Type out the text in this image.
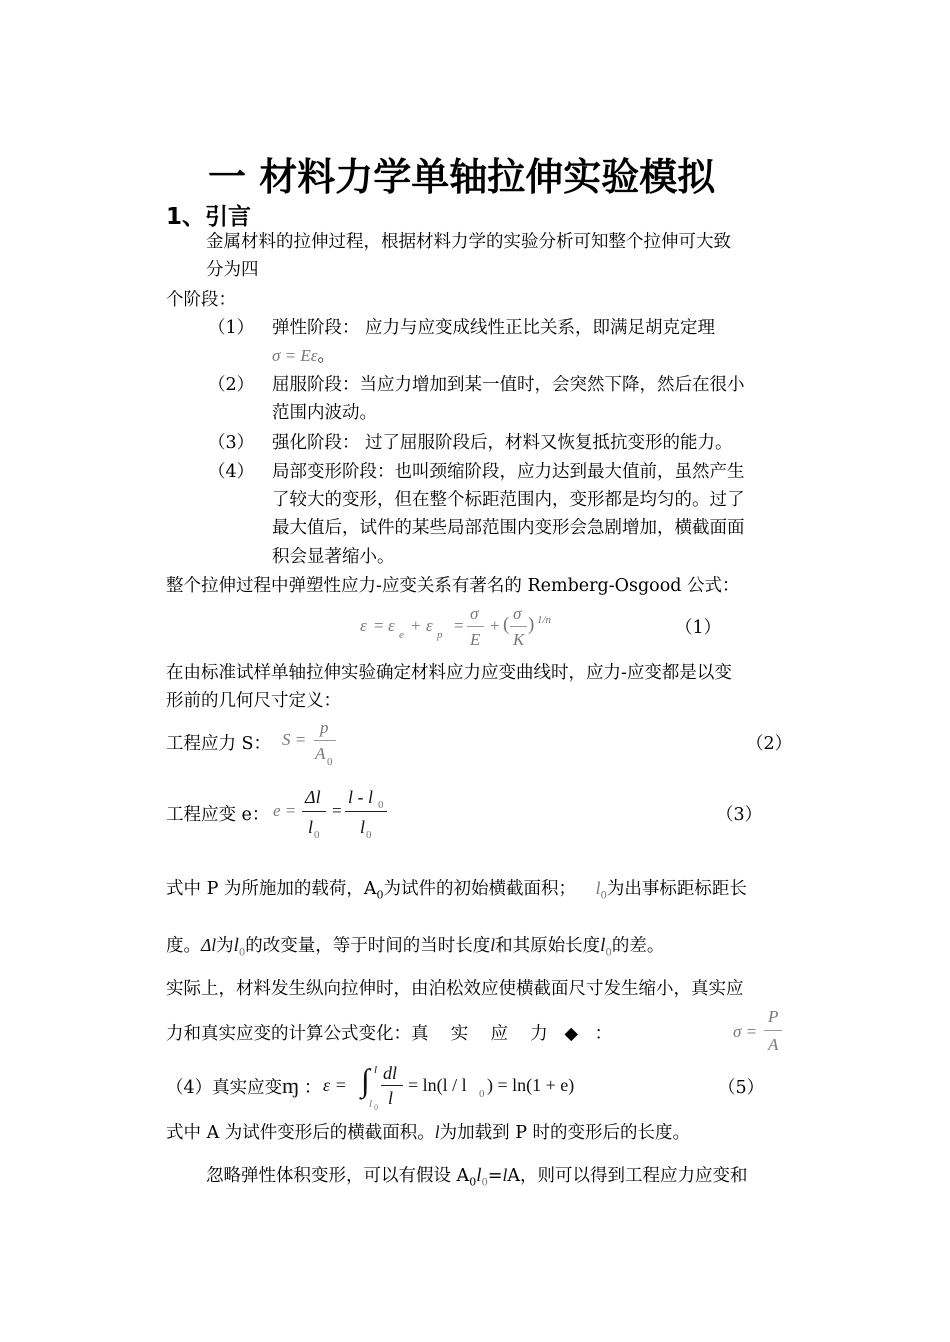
一 材料力学单轴拉伸实验模拟
1、引言
金属材料的拉伸过程，根据材料力学的实验分析可知整个拉伸可大致
分为四
个阶段：
（1） 弹性阶段： 应力与应变成线性正比关系，即满足胡克定理
σ = Eε。
（2） 屈服阶段：当应力增加到某一值时，会突然下降，然后在很小
范围内波动。
（3） 强化阶段： 过了屈服阶段后，材料又恢复抵抗变形的能力。
（4） 局部变形阶段：也叫颈缩阶段，应力达到最大值前，虽然产生
了较大的变形，但在整个标距范围内，变形都是均匀的。过了
最大值后，试件的某些局部范围内变形会急剧增加，横截面面
积会显著缩小。
整个拉伸过程中弹塑性应力-应变关系有著名的 Remberg-Osgood 公式：
ε = ε e + ε p =
σ
E
+ (
σ
K
) 1/n	（1）
在由标准试样单轴拉伸实验确定材料应力应变曲线时，应力-应变都是以变
形前的几何尺寸定义：
工程应力 S： S =
p
A 0
（2）
工程应变 e： e =
Δl
l 0
=
l - l 0
l 0
（3）
式中 P 为所施加的载荷，$A_0$为试件的初始横截面积； $l_0$为出事标距标距长
度。Δl为$l_0$的改变量，等于时间的当时长度l和其原始长度$l_0$的差。
实际上，材料发生纵向拉伸时，由泊松效应使横截面尺寸发生缩小，真实应
力和真实应变的计算公式变化：真    实    应    力   ◆   ：	σ =
P
A
（4）真实应变 ɱ ： ε = ∫ l
l 0
dl
l
= ln(l / l 0 ) = ln(1 + e)	（5）
式中 A 为试件变形后的横截面积。l为加载到 P 时的变形后的长度。
忽略弹性体积变形，可以有假设 $A_0l_0=lA$，则可以得到工程应力应变和
